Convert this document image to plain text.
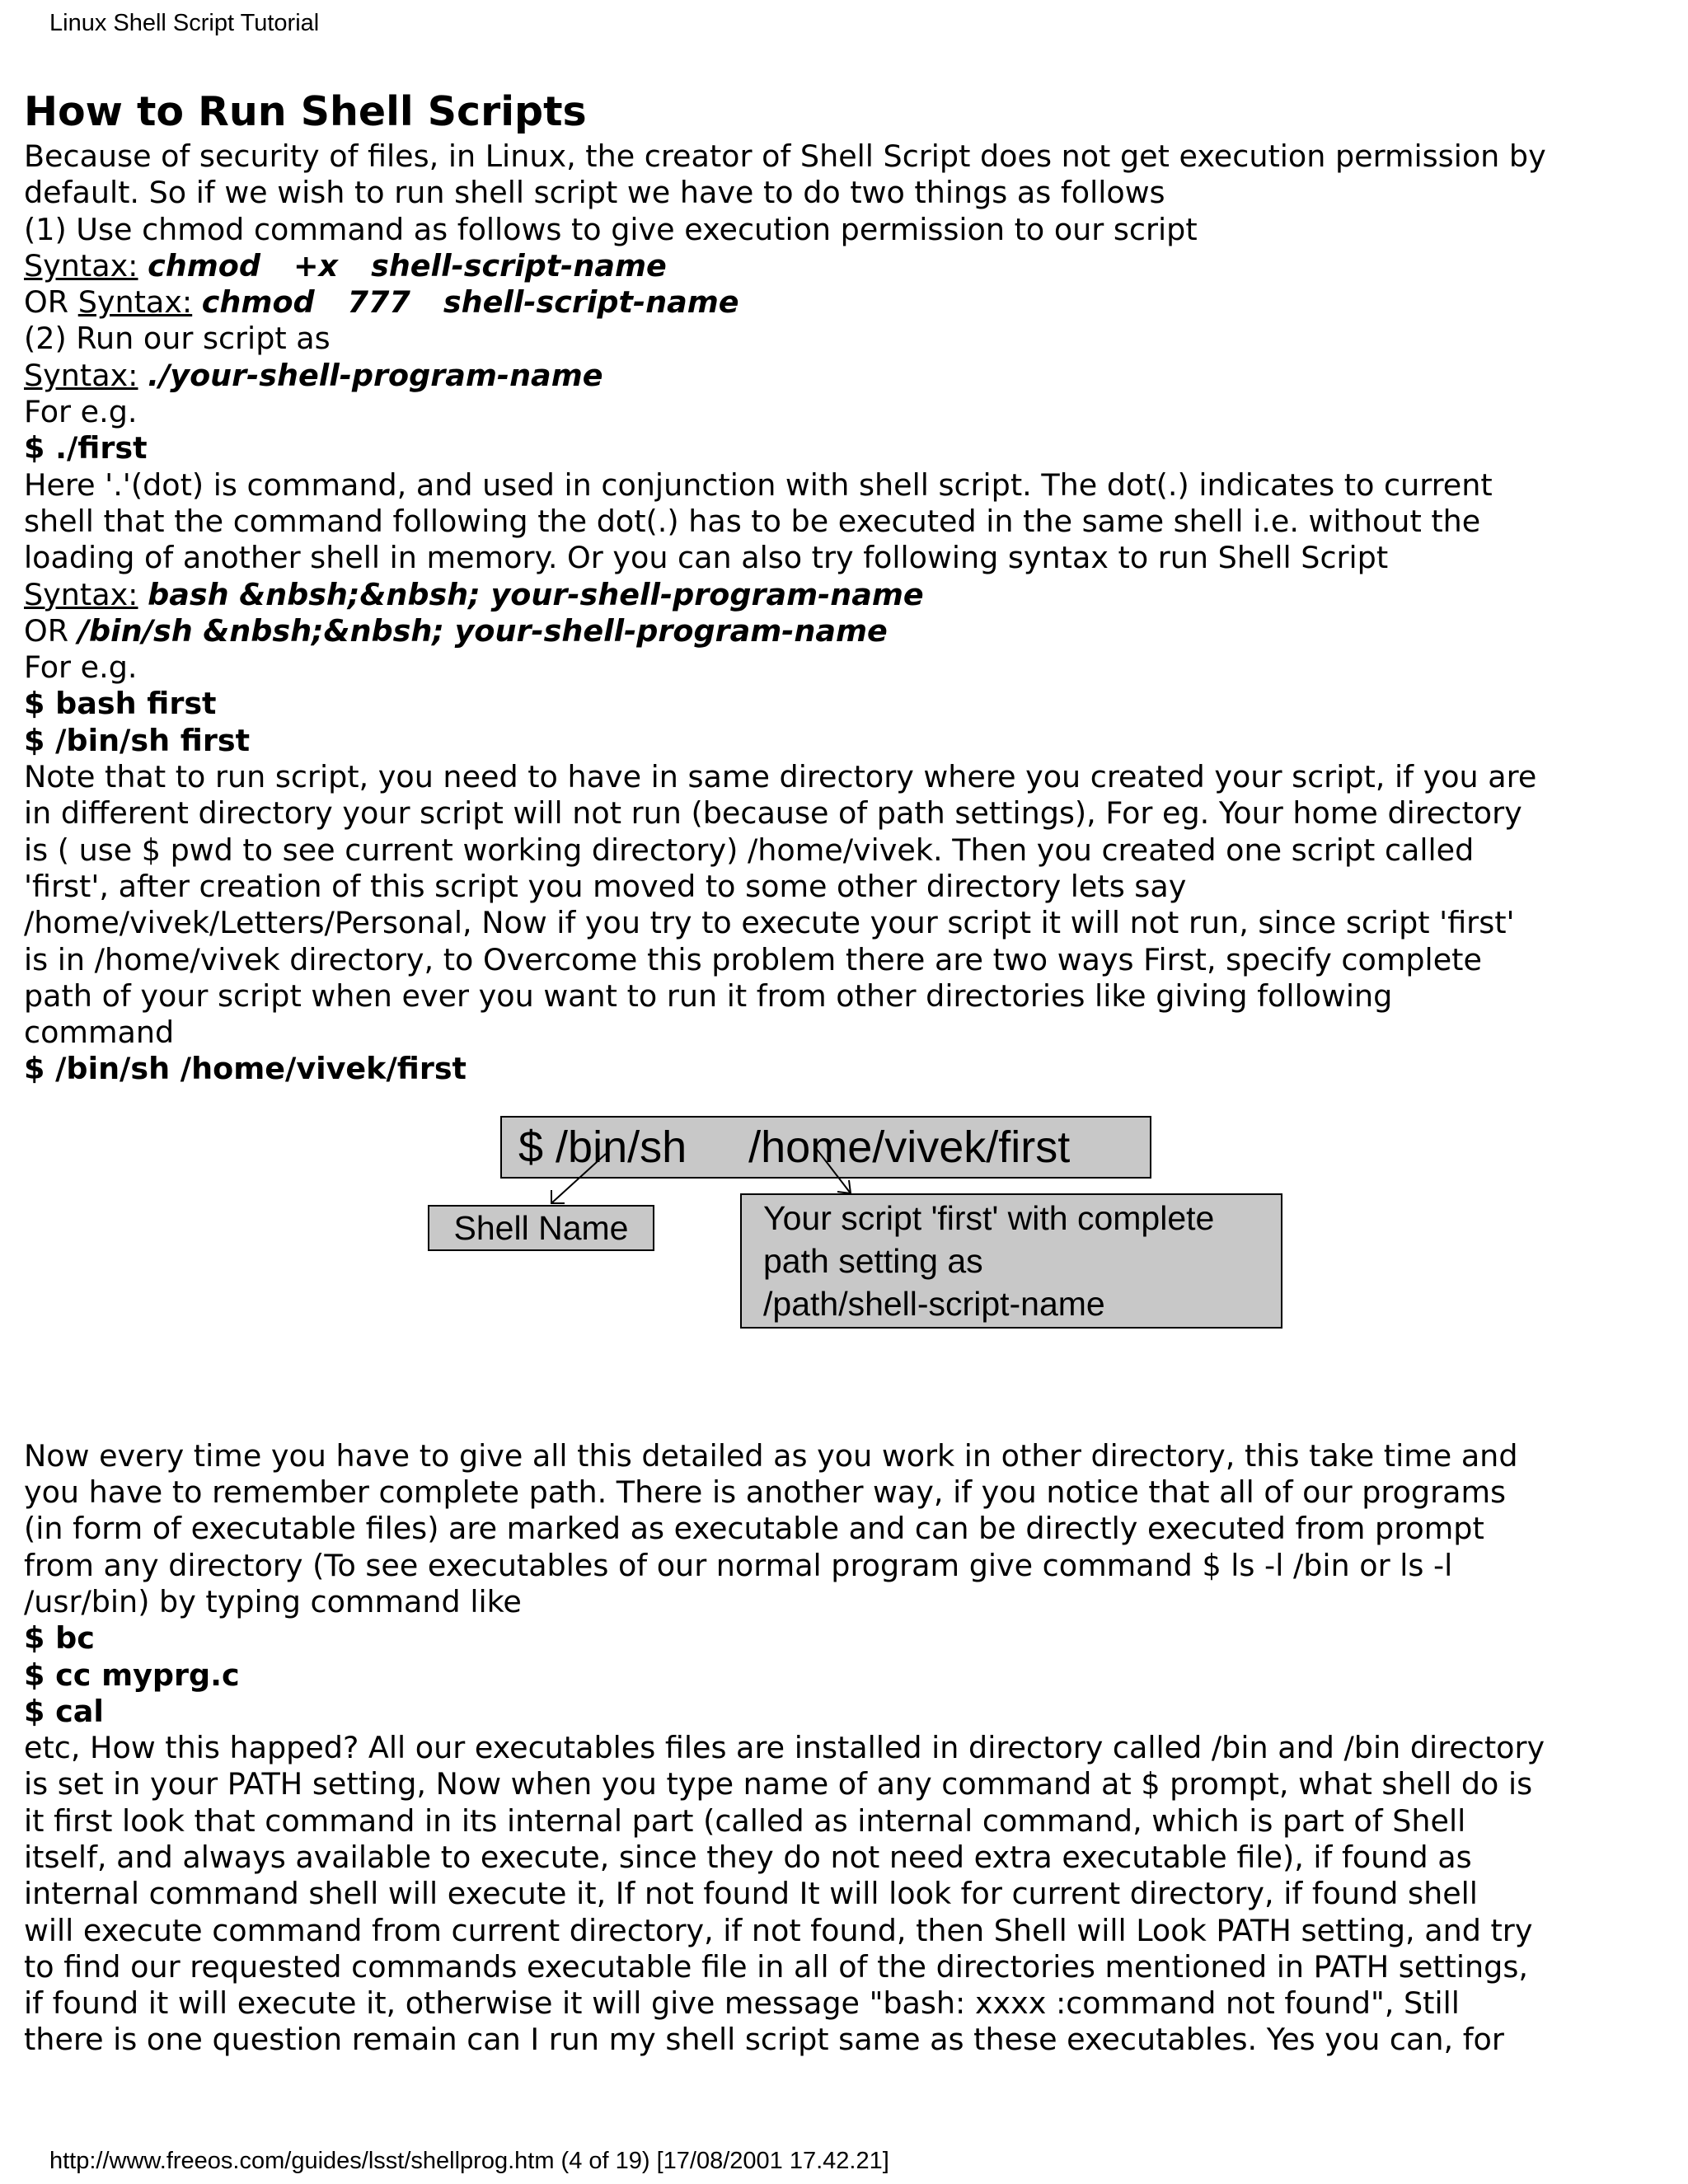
Linux Shell Script Tutorial
How to Run Shell Scripts
Because of security of files, in Linux, the creator of Shell Script does not get execution permission by
default. So if we wish to run shell script we have to do two things as follows
(1) Use chmod command as follows to give execution permission to our script
Syntax: chmod +x shell-script-name
OR Syntax: chmod 777 shell-script-name
(2) Run our script as
Syntax: ./your-shell-program-name
For e.g.
$ ./first
Here '.'(dot) is command, and used in conjunction with shell script. The dot(.) indicates to current
shell that the command following the dot(.) has to be executed in the same shell i.e. without the
loading of another shell in memory. Or you can also try following syntax to run Shell Script
Syntax: bash &nbsh;&nbsh; your-shell-program-name
OR /bin/sh &nbsh;&nbsh; your-shell-program-name
For e.g.
$ bash first
$ /bin/sh first
Note that to run script, you need to have in same directory where you created your script, if you are
in different directory your script will not run (because of path settings), For eg. Your home directory
is ( use $ pwd to see current working directory) /home/vivek. Then you created one script called
'first', after creation of this script you moved to some other directory lets say
/home/vivek/Letters/Personal, Now if you try to execute your script it will not run, since script 'first'
is in /home/vivek directory, to Overcome this problem there are two ways First, specify complete
path of your script when ever you want to run it from other directories like giving following
command
$ /bin/sh /home/vivek/first
$ /bin/sh     /home/vivek/first
Shell Name	Your script 'first' with complete
path setting as
/path/shell-script-name
Now every time you have to give all this detailed as you work in other directory, this take time and
you have to remember complete path. There is another way, if you notice that all of our programs
(in form of executable files) are marked as executable and can be directly executed from prompt
from any directory (To see executables of our normal program give command $ ls -l /bin or ls -l
/usr/bin) by typing command like
$ bc
$ cc myprg.c
$ cal
etc, How this happed? All our executables files are installed in directory called /bin and /bin directory
is set in your PATH setting, Now when you type name of any command at $ prompt, what shell do is
it first look that command in its internal part (called as internal command, which is part of Shell
itself, and always available to execute, since they do not need extra executable file), if found as
internal command shell will execute it, If not found It will look for current directory, if found shell
will execute command from current directory, if not found, then Shell will Look PATH setting, and try
to find our requested commands executable file in all of the directories mentioned in PATH settings,
if found it will execute it, otherwise it will give message "bash: xxxx :command not found", Still
there is one question remain can I run my shell script same as these executables. Yes you can, for
http://www.freeos.com/guides/lsst/shellprog.htm (4 of 19) [17/08/2001 17.42.21]
